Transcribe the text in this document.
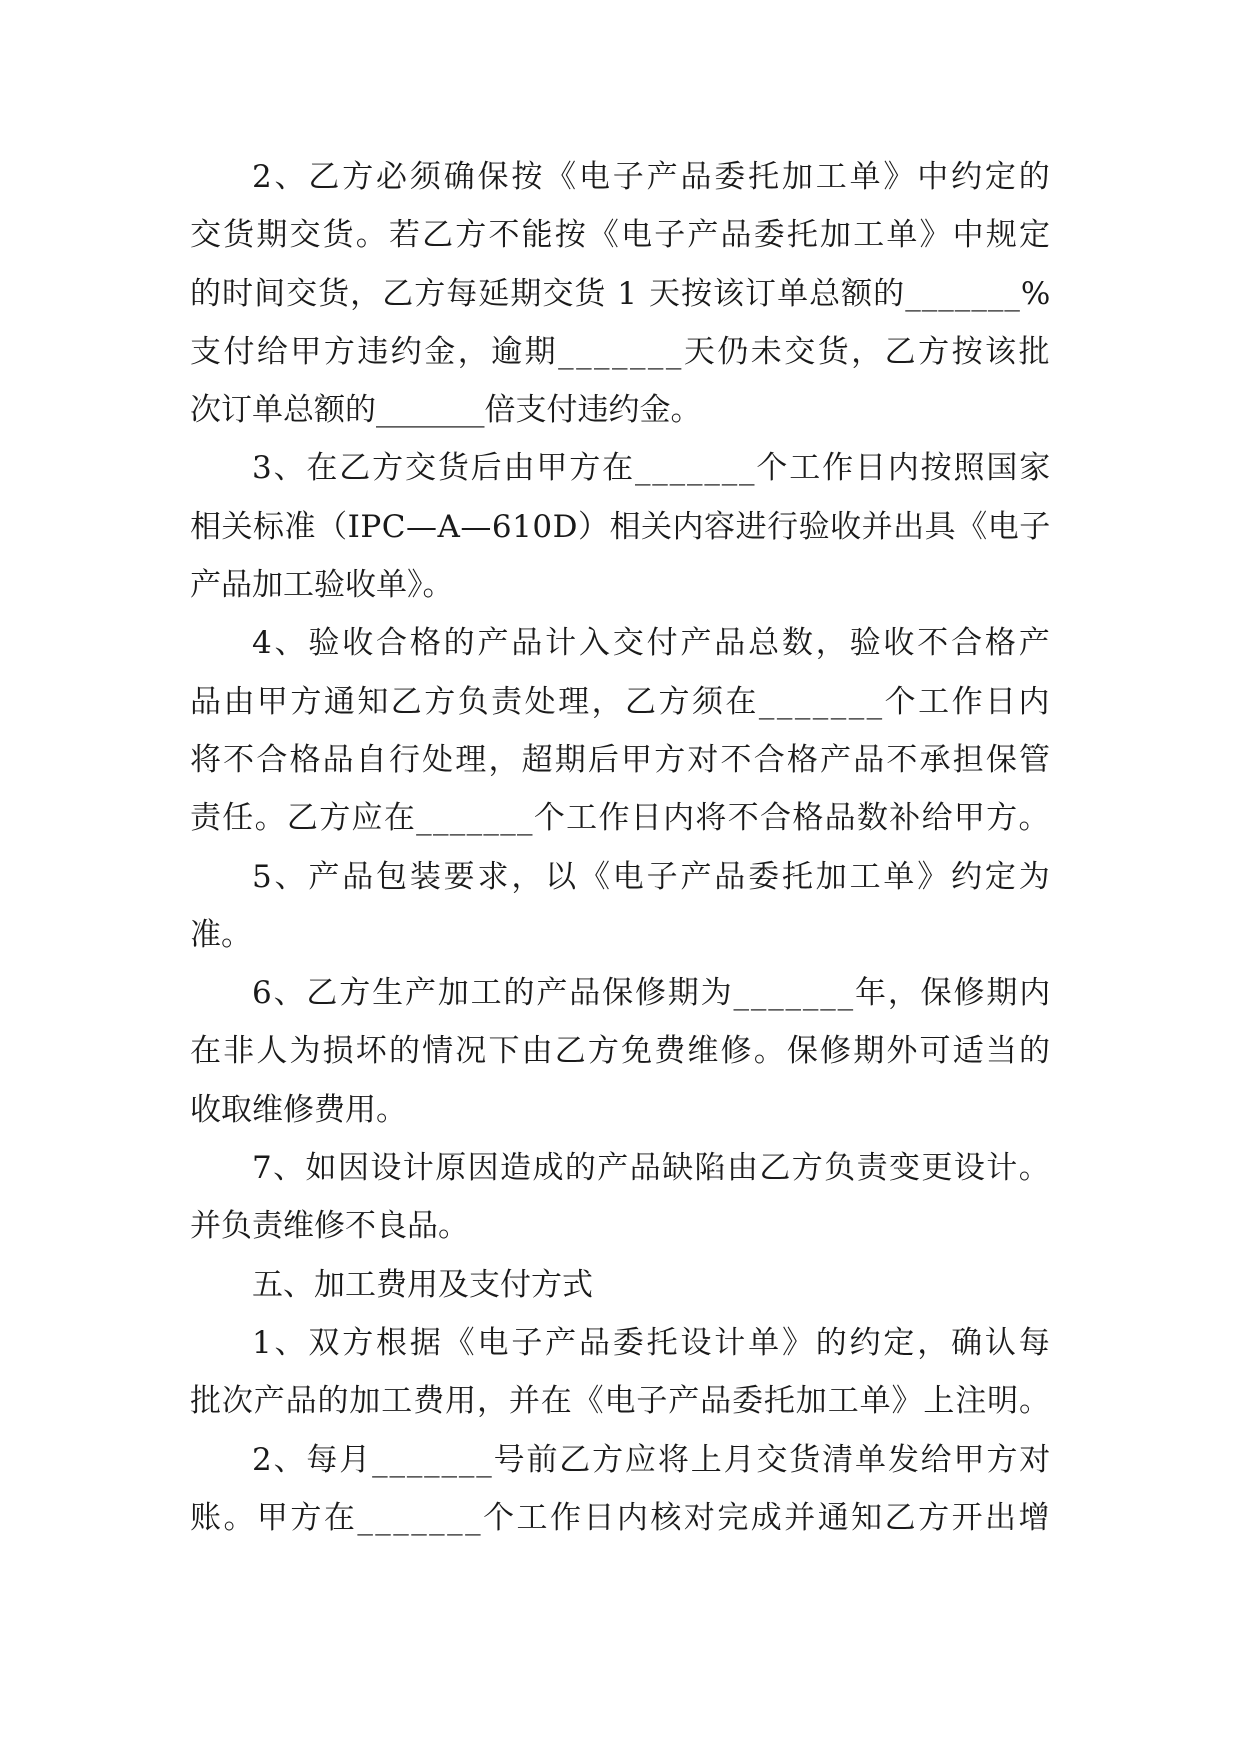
2、乙方必须确保按《电子产品委托加工单》中约定的
交货期交货。若乙方不能按《电子产品委托加工单》中规定
的时间交货，乙方每延期交货 1 天按该订单总额的_______%
支付给甲方违约金，逾期_______天仍未交货，乙方按该批
次订单总额的_______倍支付违约金。
3、在乙方交货后由甲方在_______个工作日内按照国家
相关标准（IPC—A—610D）相关内容进行验收并出具《电子
产品加工验收单》。
4、验收合格的产品计入交付产品总数，验收不合格产
品由甲方通知乙方负责处理，乙方须在_______个工作日内
将不合格品自行处理，超期后甲方对不合格产品不承担保管
责任。乙方应在_______个工作日内将不合格品数补给甲方。
5、产品包装要求，以《电子产品委托加工单》约定为
准。
6、乙方生产加工的产品保修期为_______年，保修期内
在非人为损坏的情况下由乙方免费维修。保修期外可适当的
收取维修费用。
7、如因设计原因造成的产品缺陷由乙方负责变更设计。
并负责维修不良品。
五、加工费用及支付方式
1、双方根据《电子产品委托设计单》的约定，确认每
批次产品的加工费用，并在《电子产品委托加工单》上注明。
2、每月_______号前乙方应将上月交货清单发给甲方对
账。甲方在_______个工作日内核对完成并通知乙方开出增
